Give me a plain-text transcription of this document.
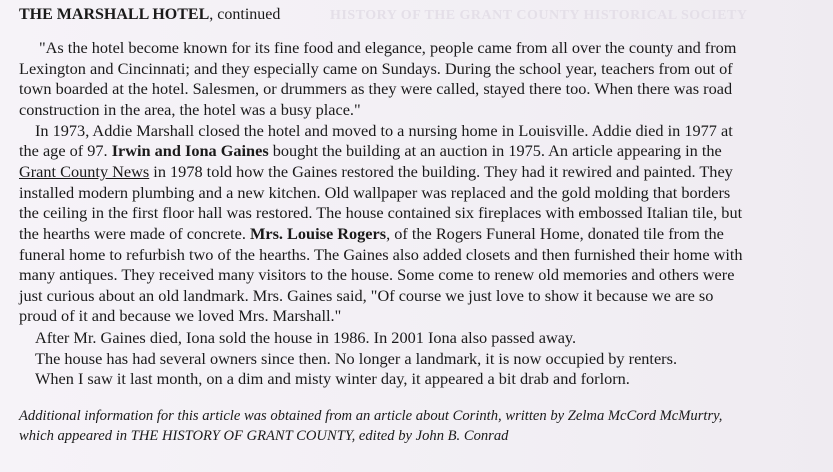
HISTORY OF THE GRANT COUNTY HISTORICAL SOCIETY
THE MARSHALL HOTEL, continued
"As the hotel become known for its fine food and elegance, people came from all over the county and from
Lexington and Cincinnati; and they especially came on Sundays. During the school year, teachers from out of
town boarded at the hotel. Salesmen, or drummers as they were called, stayed there too. When there was road
construction in the area, the hotel was a busy place."
In 1973, Addie Marshall closed the hotel and moved to a nursing home in Louisville. Addie died in 1977 at
the age of 97. Irwin and Iona Gaines bought the building at an auction in 1975. An article appearing in the
Grant County News in 1978 told how the Gaines restored the building. They had it rewired and painted. They
installed modern plumbing and a new kitchen. Old wallpaper was replaced and the gold molding that borders
the ceiling in the first floor hall was restored. The house contained six fireplaces with embossed Italian tile, but
the hearths were made of concrete. Mrs. Louise Rogers, of the Rogers Funeral Home, donated tile from the
funeral home to refurbish two of the hearths. The Gaines also added closets and then furnished their home with
many antiques. They received many visitors to the house. Some come to renew old memories and others were
just curious about an old landmark. Mrs. Gaines said, "Of course we just love to show it because we are so
proud of it and because we loved Mrs. Marshall."
After Mr. Gaines died, Iona sold the house in 1986. In 2001 Iona also passed away.
The house has had several owners since then. No longer a landmark, it is now occupied by renters.
When I saw it last month, on a dim and misty winter day, it appeared a bit drab and forlorn.
Additional information for this article was obtained from an article about Corinth, written by Zelma McCord McMurtry,
which appeared in THE HISTORY OF GRANT COUNTY, edited by John B. Conrad
